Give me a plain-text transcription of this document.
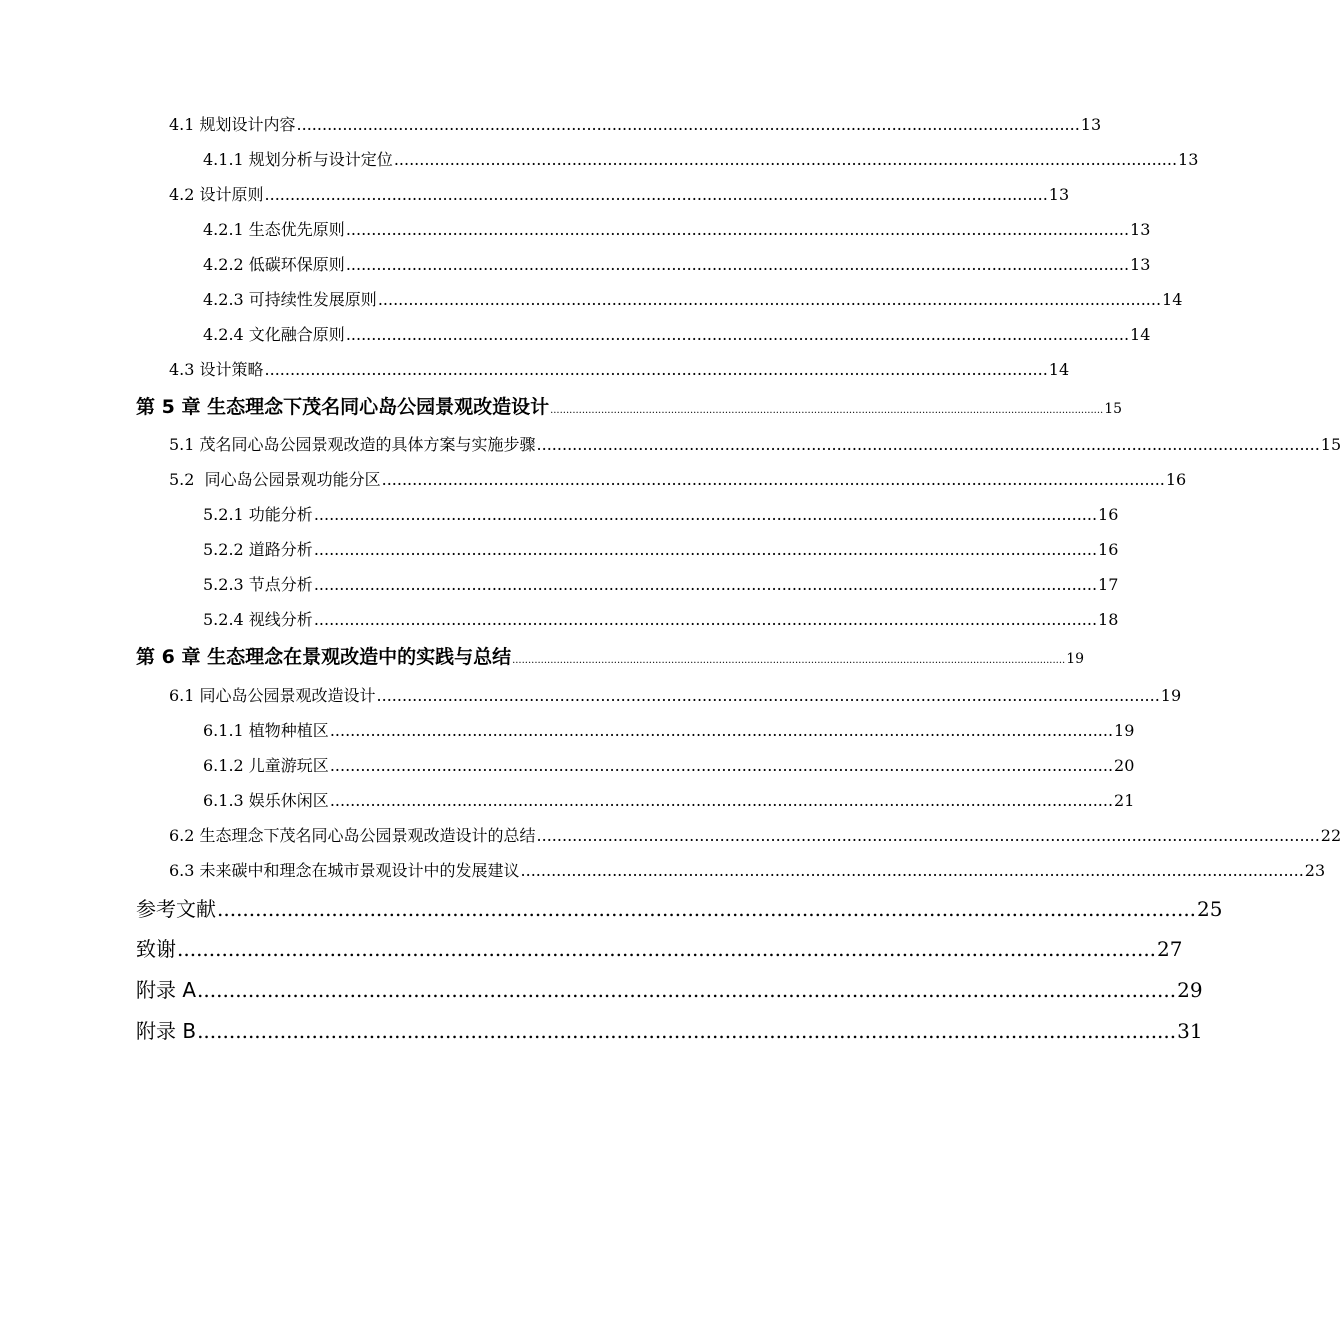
4.1 规划设计内容 .......................................................................................................................................................... 13
4.1.1 规划分析与设计定位 .......................................................................................................................................................... 13
4.2 设计原则 .......................................................................................................................................................... 13
4.2.1 生态优先原则 .......................................................................................................................................................... 13
4.2.2 低碳环保原则 .......................................................................................................................................................... 13
4.2.3 可持续性发展原则 .......................................................................................................................................................... 14
4.2.4 文化融合原则 .......................................................................................................................................................... 14
4.3 设计策略 .......................................................................................................................................................... 14
第 5 章 生态理念下茂名同心岛公园景观改造设计 .............................................................................................................................................................................. 15
5.1 茂名同心岛公园景观改造的具体方案与实施步骤 .......................................................................................................................................................... 15
5.2  同心岛公园景观功能分区 .......................................................................................................................................................... 16
5.2.1 功能分析 .......................................................................................................................................................... 16
5.2.2 道路分析 .......................................................................................................................................................... 16
5.2.3 节点分析 .......................................................................................................................................................... 17
5.2.4 视线分析 .......................................................................................................................................................... 18
第 6 章 生态理念在景观改造中的实践与总结 .............................................................................................................................................................................. 19
6.1 同心岛公园景观改造设计 .......................................................................................................................................................... 19
6.1.1 植物种植区 .......................................................................................................................................................... 19
6.1.2 儿童游玩区 .......................................................................................................................................................... 20
6.1.3 娱乐休闲区 .......................................................................................................................................................... 21
6.2 生态理念下茂名同心岛公园景观改造设计的总结 .......................................................................................................................................................... 22
6.3 未来碳中和理念在城市景观设计中的发展建议 .......................................................................................................................................................... 23
参考文献 .......................................................................................................................................................... 25
致谢 .......................................................................................................................................................... 27
附录 A .......................................................................................................................................................... 29
附录 B .......................................................................................................................................................... 31
